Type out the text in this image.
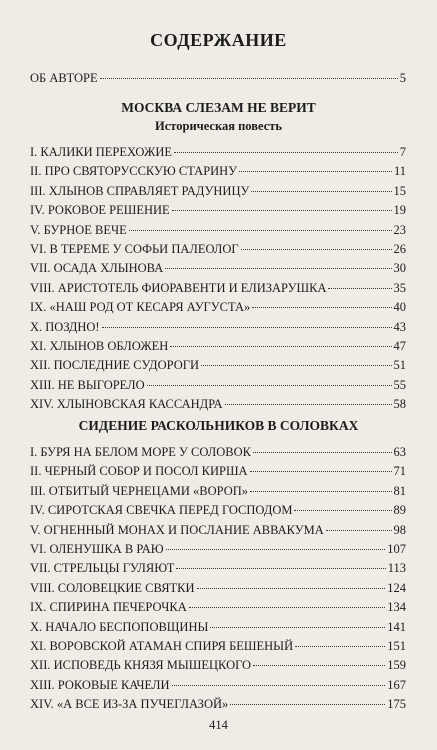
СОДЕРЖАНИЕ
ОБ АВТОРЕ	5
МОСКВА СЛЕЗАМ НЕ ВЕРИТ
Историческая повесть
I. КАЛИКИ ПЕРЕХОЖИЕ	7
II. ПРО СВЯТОРУССКУЮ СТАРИНУ	11
III. ХЛЫНОВ СПРАВЛЯЕТ РАДУНИЦУ	15
IV. РОКОВОЕ РЕШЕНИЕ	19
V. БУРНОЕ ВЕЧЕ	23
VI. В ТЕРЕМЕ У СОФЬИ ПАЛЕОЛОГ	26
VII. ОСАДА ХЛЫНОВА	30
VIII. АРИСТОТЕЛЬ ФИОРАВЕНТИ И ЕЛИЗАРУШКА	35
IX. «НАШ РОД ОТ КЕСАРЯ АУГУСТА»	40
X. ПОЗДНО!	43
XI. ХЛЫНОВ ОБЛОЖЕН	47
XII. ПОСЛЕДНИЕ СУДОРОГИ	51
XIII. НЕ ВЫГОРЕЛО	55
XIV. ХЛЫНОВСКАЯ КАССАНДРА	58
СИДЕНИЕ РАСКОЛЬНИКОВ В СОЛОВКАХ
I. БУРЯ НА БЕЛОМ МОРЕ У СОЛОВОК	63
II. ЧЕРНЫЙ СОБОР И ПОСОЛ КИРША	71
III. ОТБИТЫЙ ЧЕРНЕЦАМИ «ВОРОП»	81
IV. СИРОТСКАЯ СВЕЧКА ПЕРЕД ГОСПОДОМ	89
V. ОГНЕННЫЙ МОНАХ И ПОСЛАНИЕ АВВАКУМА	98
VI. ОЛЕНУШКА В РАЮ	107
VII. СТРЕЛЬЦЫ ГУЛЯЮТ	113
VIII. СОЛОВЕЦКИЕ СВЯТКИ	124
IX. СПИРИНА ПЕЧЕРОЧКА	134
X. НАЧАЛО БЕСПОПОВЩИНЫ	141
XI. ВОРОВСКОЙ АТАМАН СПИРЯ БЕШЕНЫЙ	151
XII. ИСПОВЕДЬ КНЯЗЯ МЫШЕЦКОГО	159
XIII. РОКОВЫЕ КАЧЕЛИ	167
XIV. «А ВСЕ ИЗ-ЗА ПУЧЕГЛАЗОЙ»	175
414
